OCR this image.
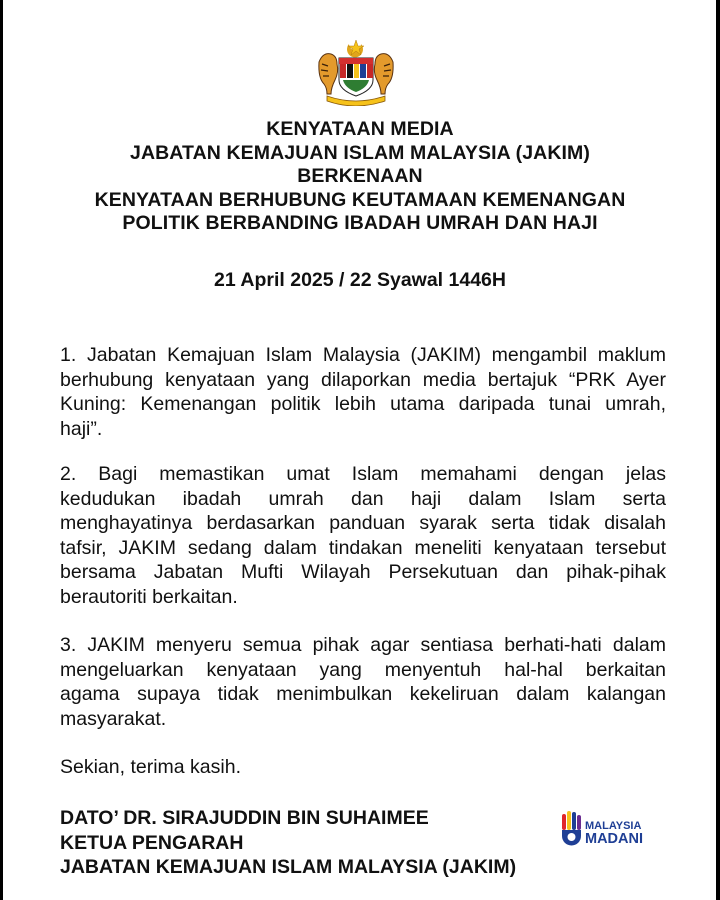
KENYATAAN MEDIA
JABATAN KEMAJUAN ISLAM MALAYSIA (JAKIM)
BERKENAAN
KENYATAAN BERHUBUNG KEUTAMAAN KEMENANGAN
POLITIK BERBANDING IBADAH UMRAH DAN HAJI
21 April 2025 / 22 Syawal 1446H
1. Jabatan Kemajuan Islam Malaysia (JAKIM) mengambil maklum
berhubung kenyataan yang dilaporkan media bertajuk “PRK Ayer
Kuning: Kemenangan politik lebih utama daripada tunai umrah,
haji”.
2. Bagi memastikan umat Islam memahami dengan jelas
kedudukan ibadah umrah dan haji dalam Islam serta
menghayatinya berdasarkan panduan syarak serta tidak disalah
tafsir, JAKIM sedang dalam tindakan meneliti kenyataan tersebut
bersama Jabatan Mufti Wilayah Persekutuan dan pihak-pihak
berautoriti berkaitan.
3. JAKIM menyeru semua pihak agar sentiasa berhati-hati dalam
mengeluarkan kenyataan yang menyentuh hal-hal berkaitan
agama supaya tidak menimbulkan kekeliruan dalam kalangan
masyarakat.
Sekian, terima kasih.
DATO’ DR. SIRAJUDDIN BIN SUHAIMEE
KETUA PENGARAH
JABATAN KEMAJUAN ISLAM MALAYSIA (JAKIM)
MALAYSIA
MADANI
